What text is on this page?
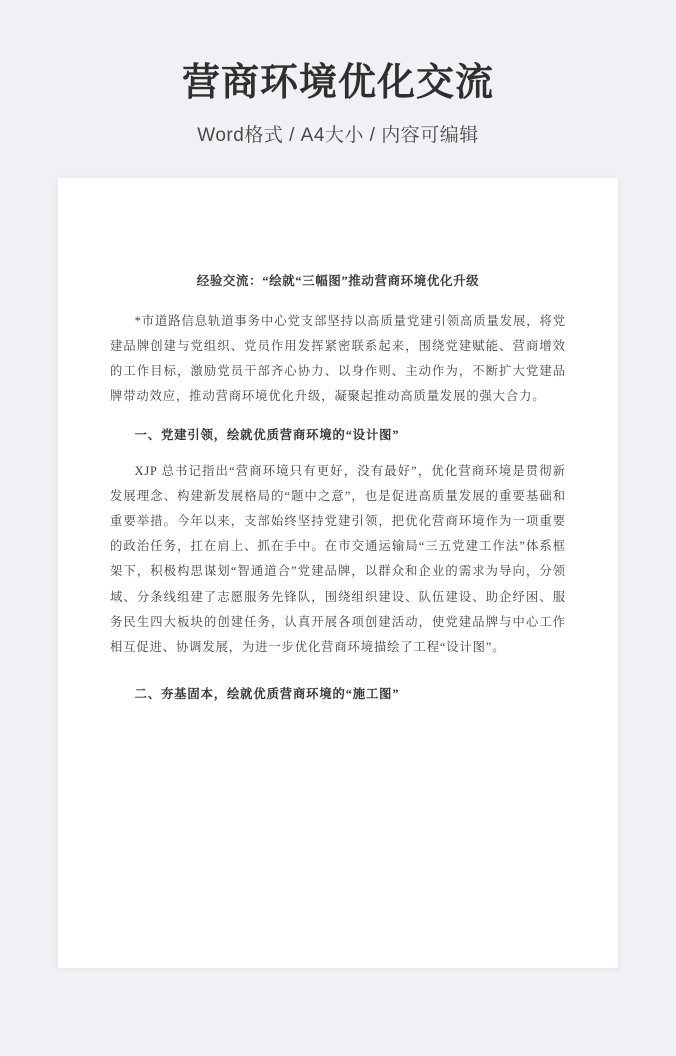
营商环境优化交流
Word格式 / A4大小 / 内容可编辑
经验交流：“绘就“三幅图”推动营商环境优化升级

*市道路信息轨道事务中心党支部坚持以高质量党建引领高质量发展，将党建品牌创建与党组织、党员作用发挥紧密联系起来，围绕党建赋能、营商增效的工作目标，激励党员干部齐心协力、以身作则、主动作为，不断扩大党建品牌带动效应，推动营商环境优化升级，凝聚起推动高质量发展的强大合力。

一、党建引领，绘就优质营商环境的“设计图”

XJP 总书记指出“营商环境只有更好，没有最好”，优化营商环境是贯彻新发展理念、构建新发展格局的“题中之意”，也是促进高质量发展的重要基础和重要举措。今年以来，支部始终坚持党建引领，把优化营商环境作为一项重要的政治任务，扛在肩上、抓在手中。在市交通运输局“三五党建工作法”体系框架下，积极构思谋划“智通道合”党建品牌，以群众和企业的需求为导向，分领域、分条线组建了志愿服务先锋队，围绕组织建设、队伍建设、助企纾困、服务民生四大板块的创建任务，认真开展各项创建活动，使党建品牌与中心工作相互促进、协调发展，为进一步优化营商环境描绘了工程“设计图”。

二、夯基固本，绘就优质营商环境的“施工图”
